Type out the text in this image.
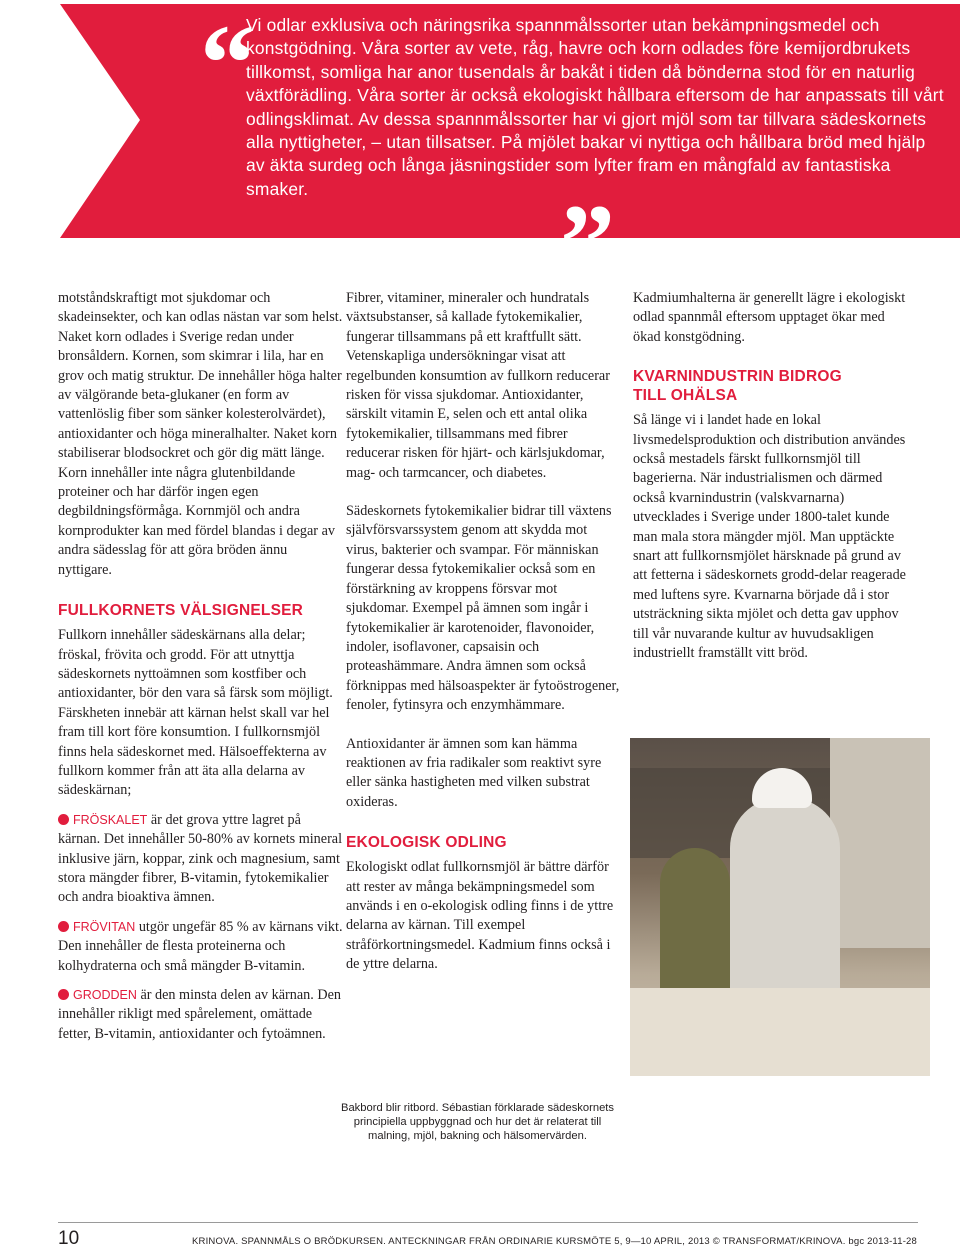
“ Vi odlar exklusiva och näringsrika spannmålssorter utan bekämpningsmedel och konstgödning. Våra sorter av vete, råg, havre och korn odlades före kemijordbrukets tillkomst, somliga har anor tusendals år bakåt i tiden då bönderna stod för en naturlig växtförädling. Våra sorter är också ekologiskt hållbara eftersom de har anpassats till vårt odlingsklimat. Av dessa spannmålssorter har vi gjort mjöl som tar tillvara sädeskornets alla nyttigheter, – utan tillsatser. På mjölet bakar vi nyttiga och hållbara bröd med hjälp av äkta surdeg och långa jäsningstider som lyfter fram en mångfald av fantastiska smaker.	”

motståndskraftigt mot sjukdomar och skadeinsekter, och kan odlas nästan var som helst. Naket korn odlades i Sverige redan under bronsåldern. Kornen, som skimrar i lila, har en grov och matig struktur. De innehåller höga halter av välgörande beta-glukaner (en form av vattenlöslig fiber som sänker kolesterolvärdet), antioxidanter och höga mineralhalter. Naket korn stabiliserar blodsockret och gör dig mätt länge. Korn innehåller inte några glutenbildande proteiner och har därför ingen egen degbildningsförmåga. Kornmjöl och andra kornprodukter kan med fördel blandas i degar av andra sädesslag för att göra bröden ännu nyttigare.

FULLKORNETS VÄLSIGNELSER

Fullkorn innehåller sädeskärnans alla delar; fröskal, frövita och grodd. För att utnyttja sädeskornets nyttoämnen som kostfiber och antioxidanter, bör den vara så färsk som möjligt. Färskheten innebär att kärnan helst skall var hel fram till kort före konsumtion. I fullkornsmjöl finns hela sädeskornet med. Hälsoeffekterna av fullkorn kommer från att äta alla delarna av sädeskärnan;

FRÖSKALET är det grova yttre lagret på kärnan. Det innehåller 50-80% av kornets mineral inklusive järn, koppar, zink och magnesium, samt stora mängder fibrer, B-vitamin, fytokemikalier och andra bioaktiva ämnen.

FRÖVITAN utgör ungefär 85 % av kärnans vikt. Den innehåller de flesta proteinerna och kolhydraterna och små mängder B-vitamin.

GRODDEN är den minsta delen av kärnan. Den innehåller rikligt med spårelement, omättade fetter, B-vitamin, antioxidanter och fytoämnen.

Fibrer, vitaminer, mineraler och hundratals växtsubstanser, så kallade fytokemikalier, fungerar tillsammans på ett kraftfullt sätt. Vetenskapliga undersökningar visat att regelbunden konsumtion av fullkorn reducerar risken för vissa sjukdomar. Antioxidanter, särskilt vitamin E, selen och ett antal olika fytokemikalier, tillsammans med fibrer reducerar risken för hjärt- och kärlsjukdomar, mag- och tarmcancer, och diabetes.

Sädeskornets fytokemikalier bidrar till växtens självförsvarssystem genom att skydda mot virus, bakterier och svampar. För människan fungerar dessa fytokemikalier också som en förstärkning av kroppens försvar mot sjukdomar. Exempel på ämnen som ingår i fytokemikalier är karotenoider, flavonoider, indoler, isoflavoner, capsaisin och proteashämmare. Andra ämnen som också förknippas med hälsoaspekter är fytoöstrogener, fenoler, fytinsyra och enzymhämmare.

Antioxidanter är ämnen som kan hämma reaktionen av fria radikaler som reaktivt syre eller sänka hastigheten med vilken substrat oxideras.

EKOLOGISK ODLING

Ekologiskt odlat fullkornsmjöl är bättre därför att rester av många bekämpningsmedel som används i en o-ekologisk odling finns i de yttre delarna av kärnan. Till exempel stråförkortningsmedel. Kadmium finns också i de yttre delarna.

Kadmiumhalterna är generellt lägre i ekologiskt odlad spannmål eftersom upptaget ökar med ökad konstgödning.

KVARNINDUSTRIN BIDROG
TILL OHÄLSA

Så länge vi i landet hade en lokal livsmedelsproduktion och distribution användes också mestadels färskt fullkornsmjöl till bagerierna. När industrialismen och därmed också kvarnindustrin (valskvarnarna) utvecklades i Sverige under 1800-talet kunde man mala stora mängder mjöl. Man upptäckte snart att fullkornsmjölet härsknade på grund av att fetterna i sädeskornets grodd-delar reagerade med luftens syre. Kvarnarna började då i stor utsträckning sikta mjölet och detta gav upphov till vår nuvarande kultur av huvudsakligen industriellt framställt vitt bröd.

Bakbord blir ritbord. Sébastian förklarade sädeskornets principiella uppbyggnad och hur det är relaterat till malning, mjöl, bakning och hälsomervärden.
10	KRINOVA. SPANNMÅLS O BRÖDKURSEN. ANTECKNINGAR FRÅN ORDINARIE KURSMÖTE 5, 9—10 APRIL, 2013 © TRANSFORMAT/KRINOVA. bgc 2013-11-28
